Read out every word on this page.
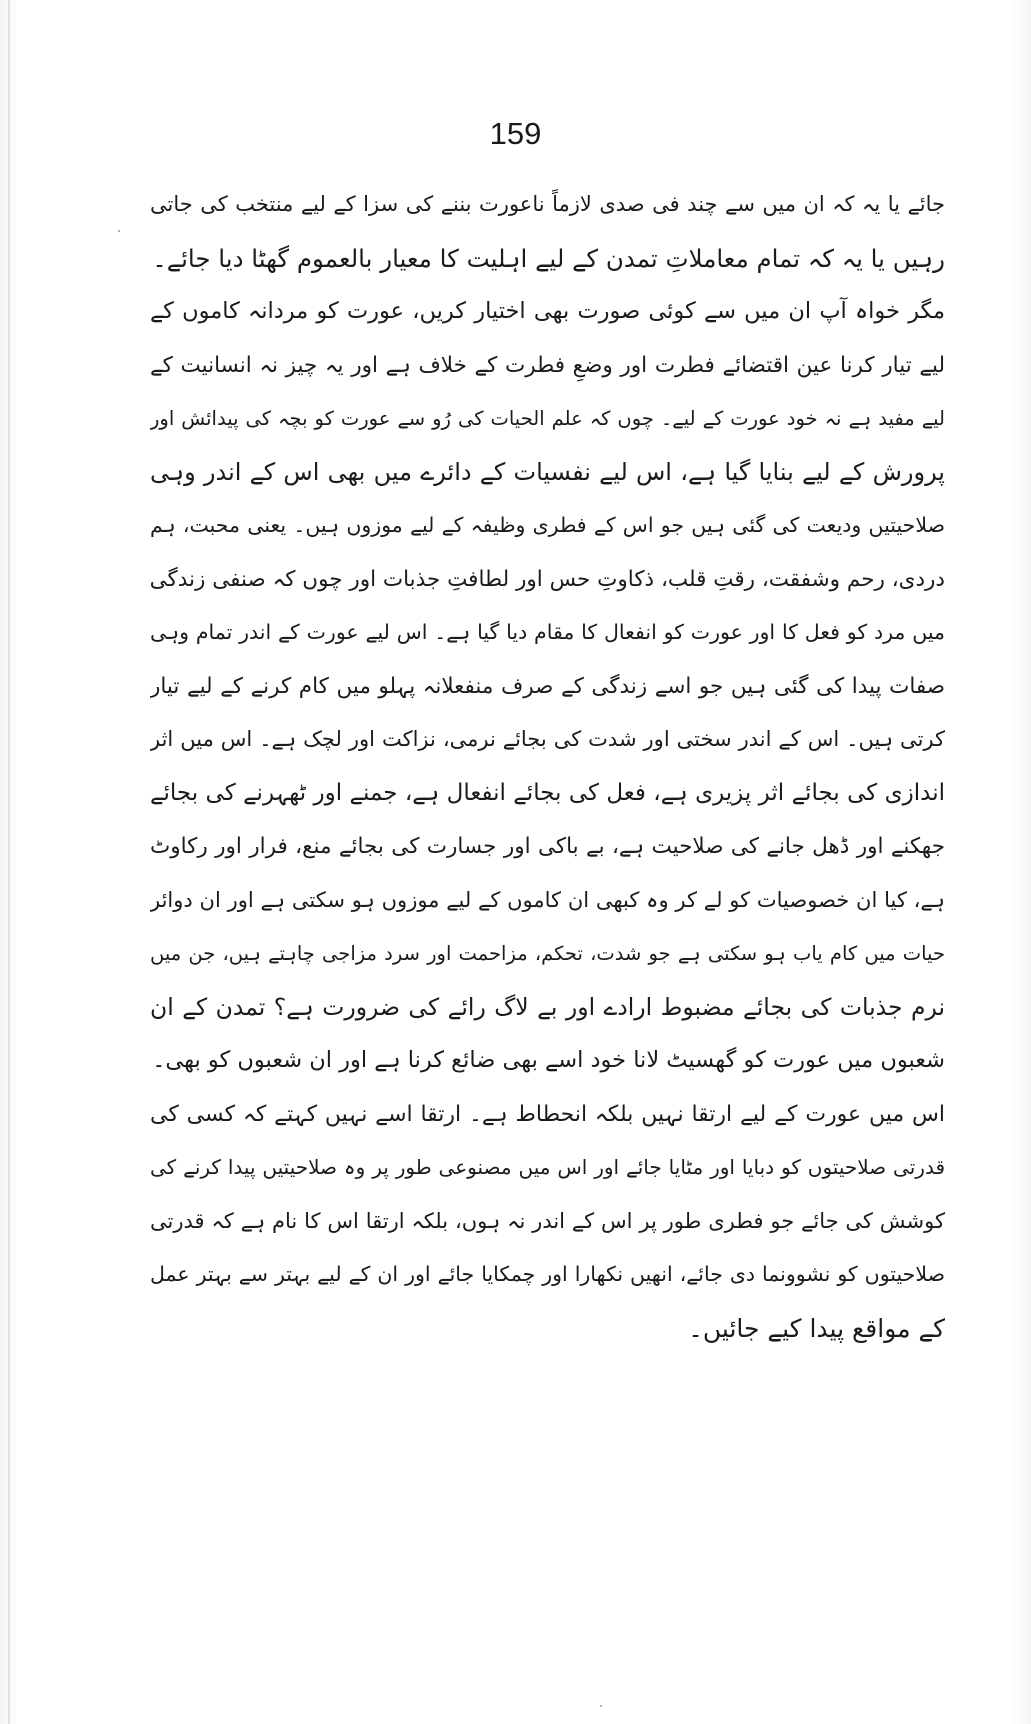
159
جائے یا یہ کہ ان میں سے چند فی صدی لازماً ناعورت بننے کی سزا کے لیے منتخب کی جاتی
رہیں یا یہ کہ تمام معاملاتِ تمدن کے لیے اہلیت کا معیار بالعموم گھٹا دیا جائے۔
مگر خواہ آپ ان میں سے کوئی صورت بھی اختیار کریں، عورت کو مردانہ کاموں کے
لیے تیار کرنا عین اقتضائے فطرت اور وضعِ فطرت کے خلاف ہے اور یہ چیز نہ انسانیت کے
لیے مفید ہے نہ خود عورت کے لیے۔ چوں کہ علم الحیات کی رُو سے عورت کو بچہ کی پیدائش اور
پرورش کے لیے بنایا گیا ہے، اس لیے نفسیات کے دائرے میں بھی اس کے اندر وہی
صلاحیتیں ودیعت کی گئی ہیں جو اس کے فطری وظیفہ کے لیے موزوں ہیں۔ یعنی محبت، ہم
دردی، رحم وشفقت، رقتِ قلب، ذکاوتِ حس اور لطافتِ جذبات اور چوں کہ صنفی زندگی
میں مرد کو فعل کا اور عورت کو انفعال کا مقام دیا گیا ہے۔ اس لیے عورت کے اندر تمام وہی
صفات پیدا کی گئی ہیں جو اسے زندگی کے صرف منفعلانہ پہلو میں کام کرنے کے لیے تیار
کرتی ہیں۔ اس کے اندر سختی اور شدت کی بجائے نرمی، نزاکت اور لچک ہے۔ اس میں اثر
اندازی کی بجائے اثر پزیری ہے، فعل کی بجائے انفعال ہے، جمنے اور ٹھہرنے کی بجائے
جھکنے اور ڈھل جانے کی صلاحیت ہے، بے باکی اور جسارت کی بجائے منع، فرار اور رکاوٹ
ہے، کیا ان خصوصیات کو لے کر وہ کبھی ان کاموں کے لیے موزوں ہو سکتی ہے اور ان دوائر
حیات میں کام یاب ہو سکتی ہے جو شدت، تحکم، مزاحمت اور سرد مزاجی چاہتے ہیں، جن میں
نرم جذبات کی بجائے مضبوط ارادے اور بے لاگ رائے کی ضرورت ہے؟ تمدن کے ان
شعبوں میں عورت کو گھسیٹ لانا خود اسے بھی ضائع کرنا ہے اور ان شعبوں کو بھی۔
اس میں عورت کے لیے ارتقا نہیں بلکہ انحطاط ہے۔ ارتقا اسے نہیں کہتے کہ کسی کی
قدرتی صلاحیتوں کو دبایا اور مٹایا جائے اور اس میں مصنوعی طور پر وہ صلاحیتیں پیدا کرنے کی
کوشش کی جائے جو فطری طور پر اس کے اندر نہ ہوں، بلکہ ارتقا اس کا نام ہے کہ قدرتی
صلاحیتوں کو نشوونما دی جائے، انھیں نکھارا اور چمکایا جائے اور ان کے لیے بہتر سے بہتر عمل
کے مواقع پیدا کیے جائیں۔
